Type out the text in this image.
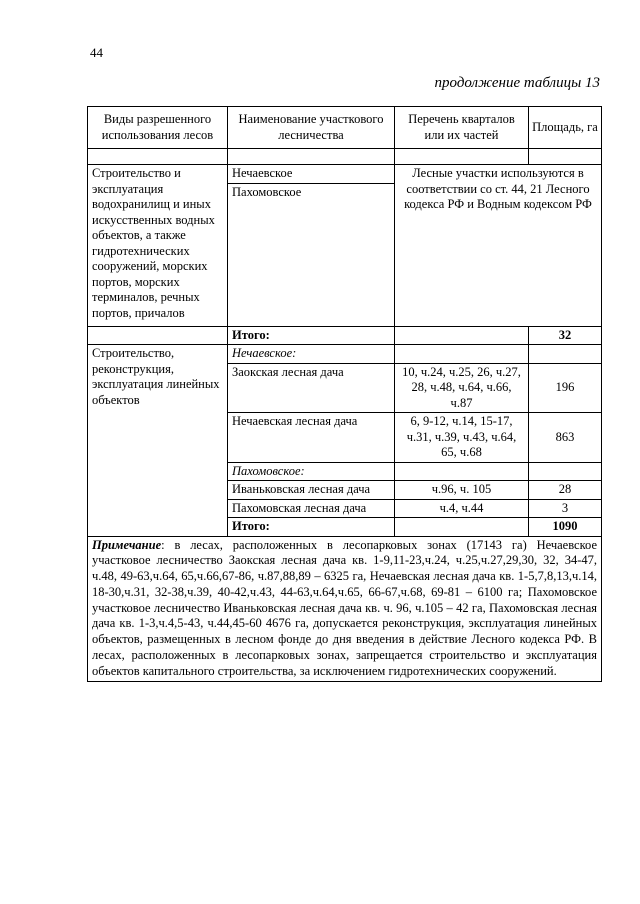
44
продолжение таблицы 13
Виды разрешенного использования лесов	Наименование участкового лесничества	Перечень кварталов или их частей	Площадь, га

Строительство и эксплуатация водохранилищ и иных искусственных водных объектов, а также гидротехнических сооружений, морских портов, морских терминалов, речных портов, причалов	Нечаевское	Лесные участки используются в соответствии со ст. 44, 21 Лесного кодекса РФ и Водным кодексом РФ	
	Пахомовское		
	Итого:		32
Строительство, реконструкция, эксплуатация линейных объектов	Нечаевское:		
	Заокская лесная дача	10, ч.24, ч.25, 26, ч.27, 28, ч.48, ч.64, ч.66, ч.87	196
	Нечаевская лесная дача	6, 9-12, ч.14, 15-17, ч.31, ч.39, ч.43, ч.64, 65, ч.68	863
	Пахомовское:		
	Иваньковская лесная дача	ч.96, ч. 105	28
	Пахомовская лесная дача	ч.4, ч.44	3
	Итого:		1090
Примечание: в лесах, расположенных в лесопарковых зонах (17143 га) Нечаевское участковое лесничество Заокская лесная дача кв. 1-9,11-23,ч.24, ч.25,ч.27,29,30, 32, 34-47, ч.48, 49-63,ч.64, 65,ч.66,67-86, ч.87,88,89 – 6325 га, Нечаевская лесная дача кв. 1-5,7,8,13,ч.14, 18-30,ч.31, 32-38,ч.39, 40-42,ч.43, 44-63,ч.64,ч.65, 66-67,ч.68, 69-81 – 6100 га; Пахомовское участковое лесничество Иваньковская лесная дача кв. ч. 96, ч.105 – 42 га, Пахомовская лесная дача кв. 1-3,ч.4,5-43, ч.44,45-60 4676 га, допускается реконструкция, эксплуатация линейных объектов, размещенных в лесном фонде до дня введения в действие Лесного кодекса РФ. В лесах, расположенных в лесопарковых зонах, запрещается строительство и эксплуатация объектов капитального строительства, за исключением гидротехнических сооружений.			
